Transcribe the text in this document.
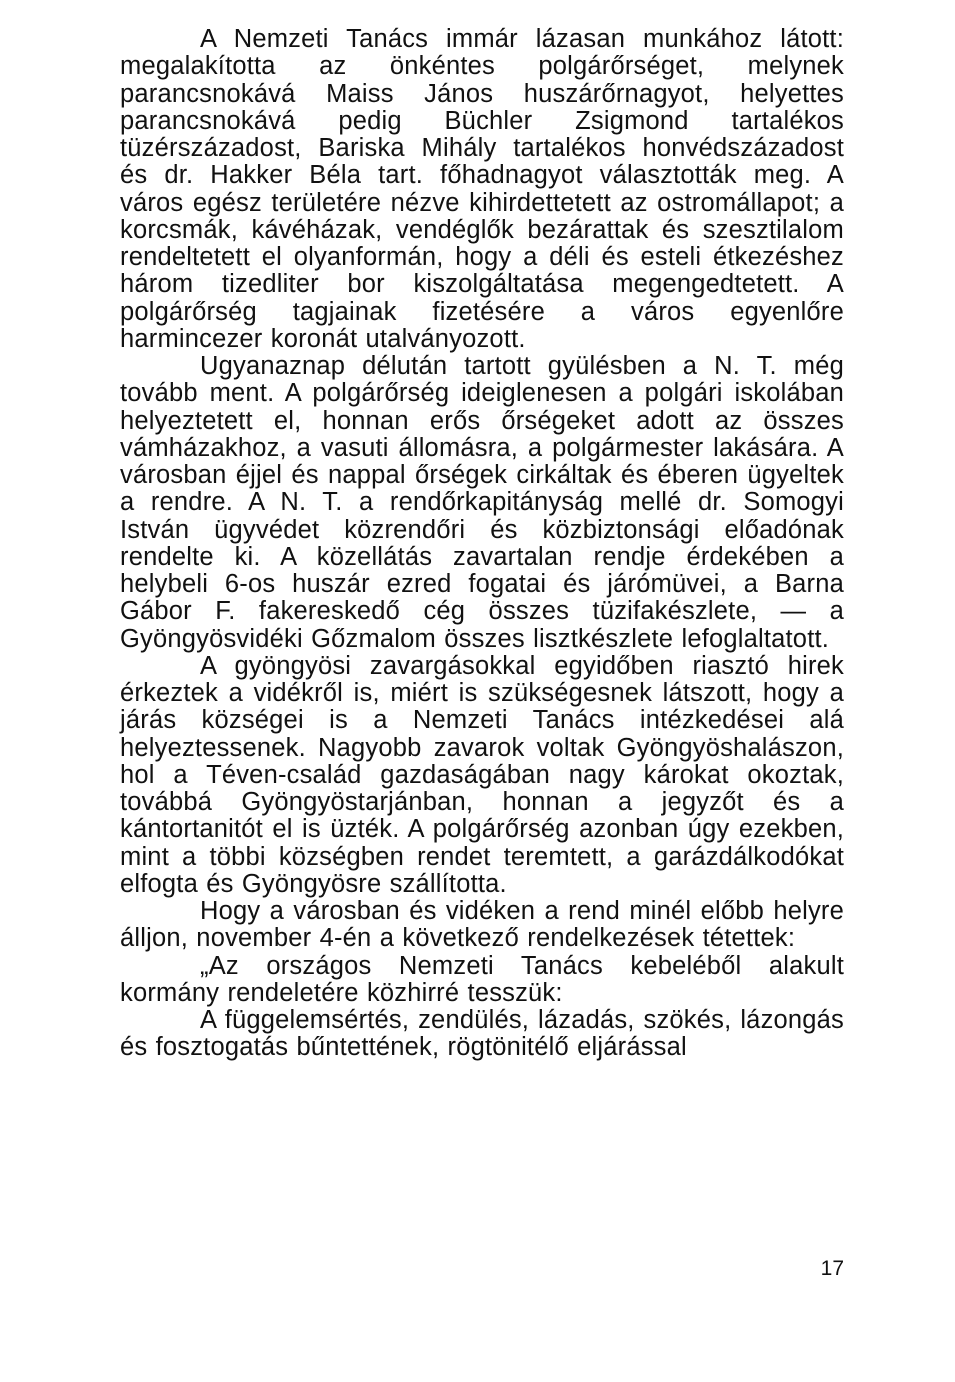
A Nemzeti Tanács immár lázasan munkához látott: megalakította az önkéntes polgárőrséget, melynek parancsnokává Maiss János huszárőrnagyot, helyettes parancsnokává pedig Büchler Zsigmond tartalékos tüzérszázadost, Bariska Mihály tartalékos honvédszázadost és dr. Hakker Béla tart. főhadnagyot választották meg. A város egész területére nézve kihirdettetett az ostromállapot; a korcsmák, kávéházak, vendéglők bezárattak és szesztilalom rendeltetett el olyanformán, hogy a déli és esteli étkezéshez három tizedliter bor kiszolgáltatása megengedtetett. A polgárőrség tagjainak fizetésére a város egyenlőre harmincezer koronát utalványozott.

Ugyanaznap délután tartott gyülésben a N. T. még tovább ment. A polgárőrség ideiglenesen a polgári iskolában helyeztetett el, honnan erős őrségeket adott az összes vámházakhoz, a vasuti állomásra, a polgármester lakására. A városban éjjel és nappal őrségek cirkáltak és éberen ügyeltek a rendre. A N. T. a rendőrkapitányság mellé dr. Somogyi István ügyvédet közrendőri és közbiztonsági előadónak rendelte ki. A közellátás zavartalan rendje érdekében a helybeli 6-os huszár ezred fogatai és járómüvei, a Barna Gábor F. fakereskedő cég összes tüzifakészlete, — a Gyöngyösvidéki Gőzmalom összes lisztkészlete lefoglaltatott.

A gyöngyösi zavargásokkal egyidőben riasztó hirek érkeztek a vidékről is, miért is szükségesnek látszott, hogy a járás községei is a Nemzeti Tanács intézkedései alá helyeztessenek. Nagyobb zavarok voltak Gyöngyöshalászon, hol a Téven-család gazdaságában nagy károkat okoztak, továbbá Gyöngyöstarjánban, honnan a jegyzőt és a kántortanitót el is üzték. A polgárőrség azonban úgy ezekben, mint a többi községben rendet teremtett, a garázdálkodókat elfogta és Gyöngyösre szállította.

Hogy a városban és vidéken a rend minél előbb helyre álljon, november 4-én a következő rendelkezések tétettek:

„Az országos Nemzeti Tanács kebeléből alakult kormány rendeletére közhirré tesszük:

A függelemsértés, zendülés, lázadás, szökés, lázongás és fosztogatás bűntettének, rögtönitélő eljárással

17
